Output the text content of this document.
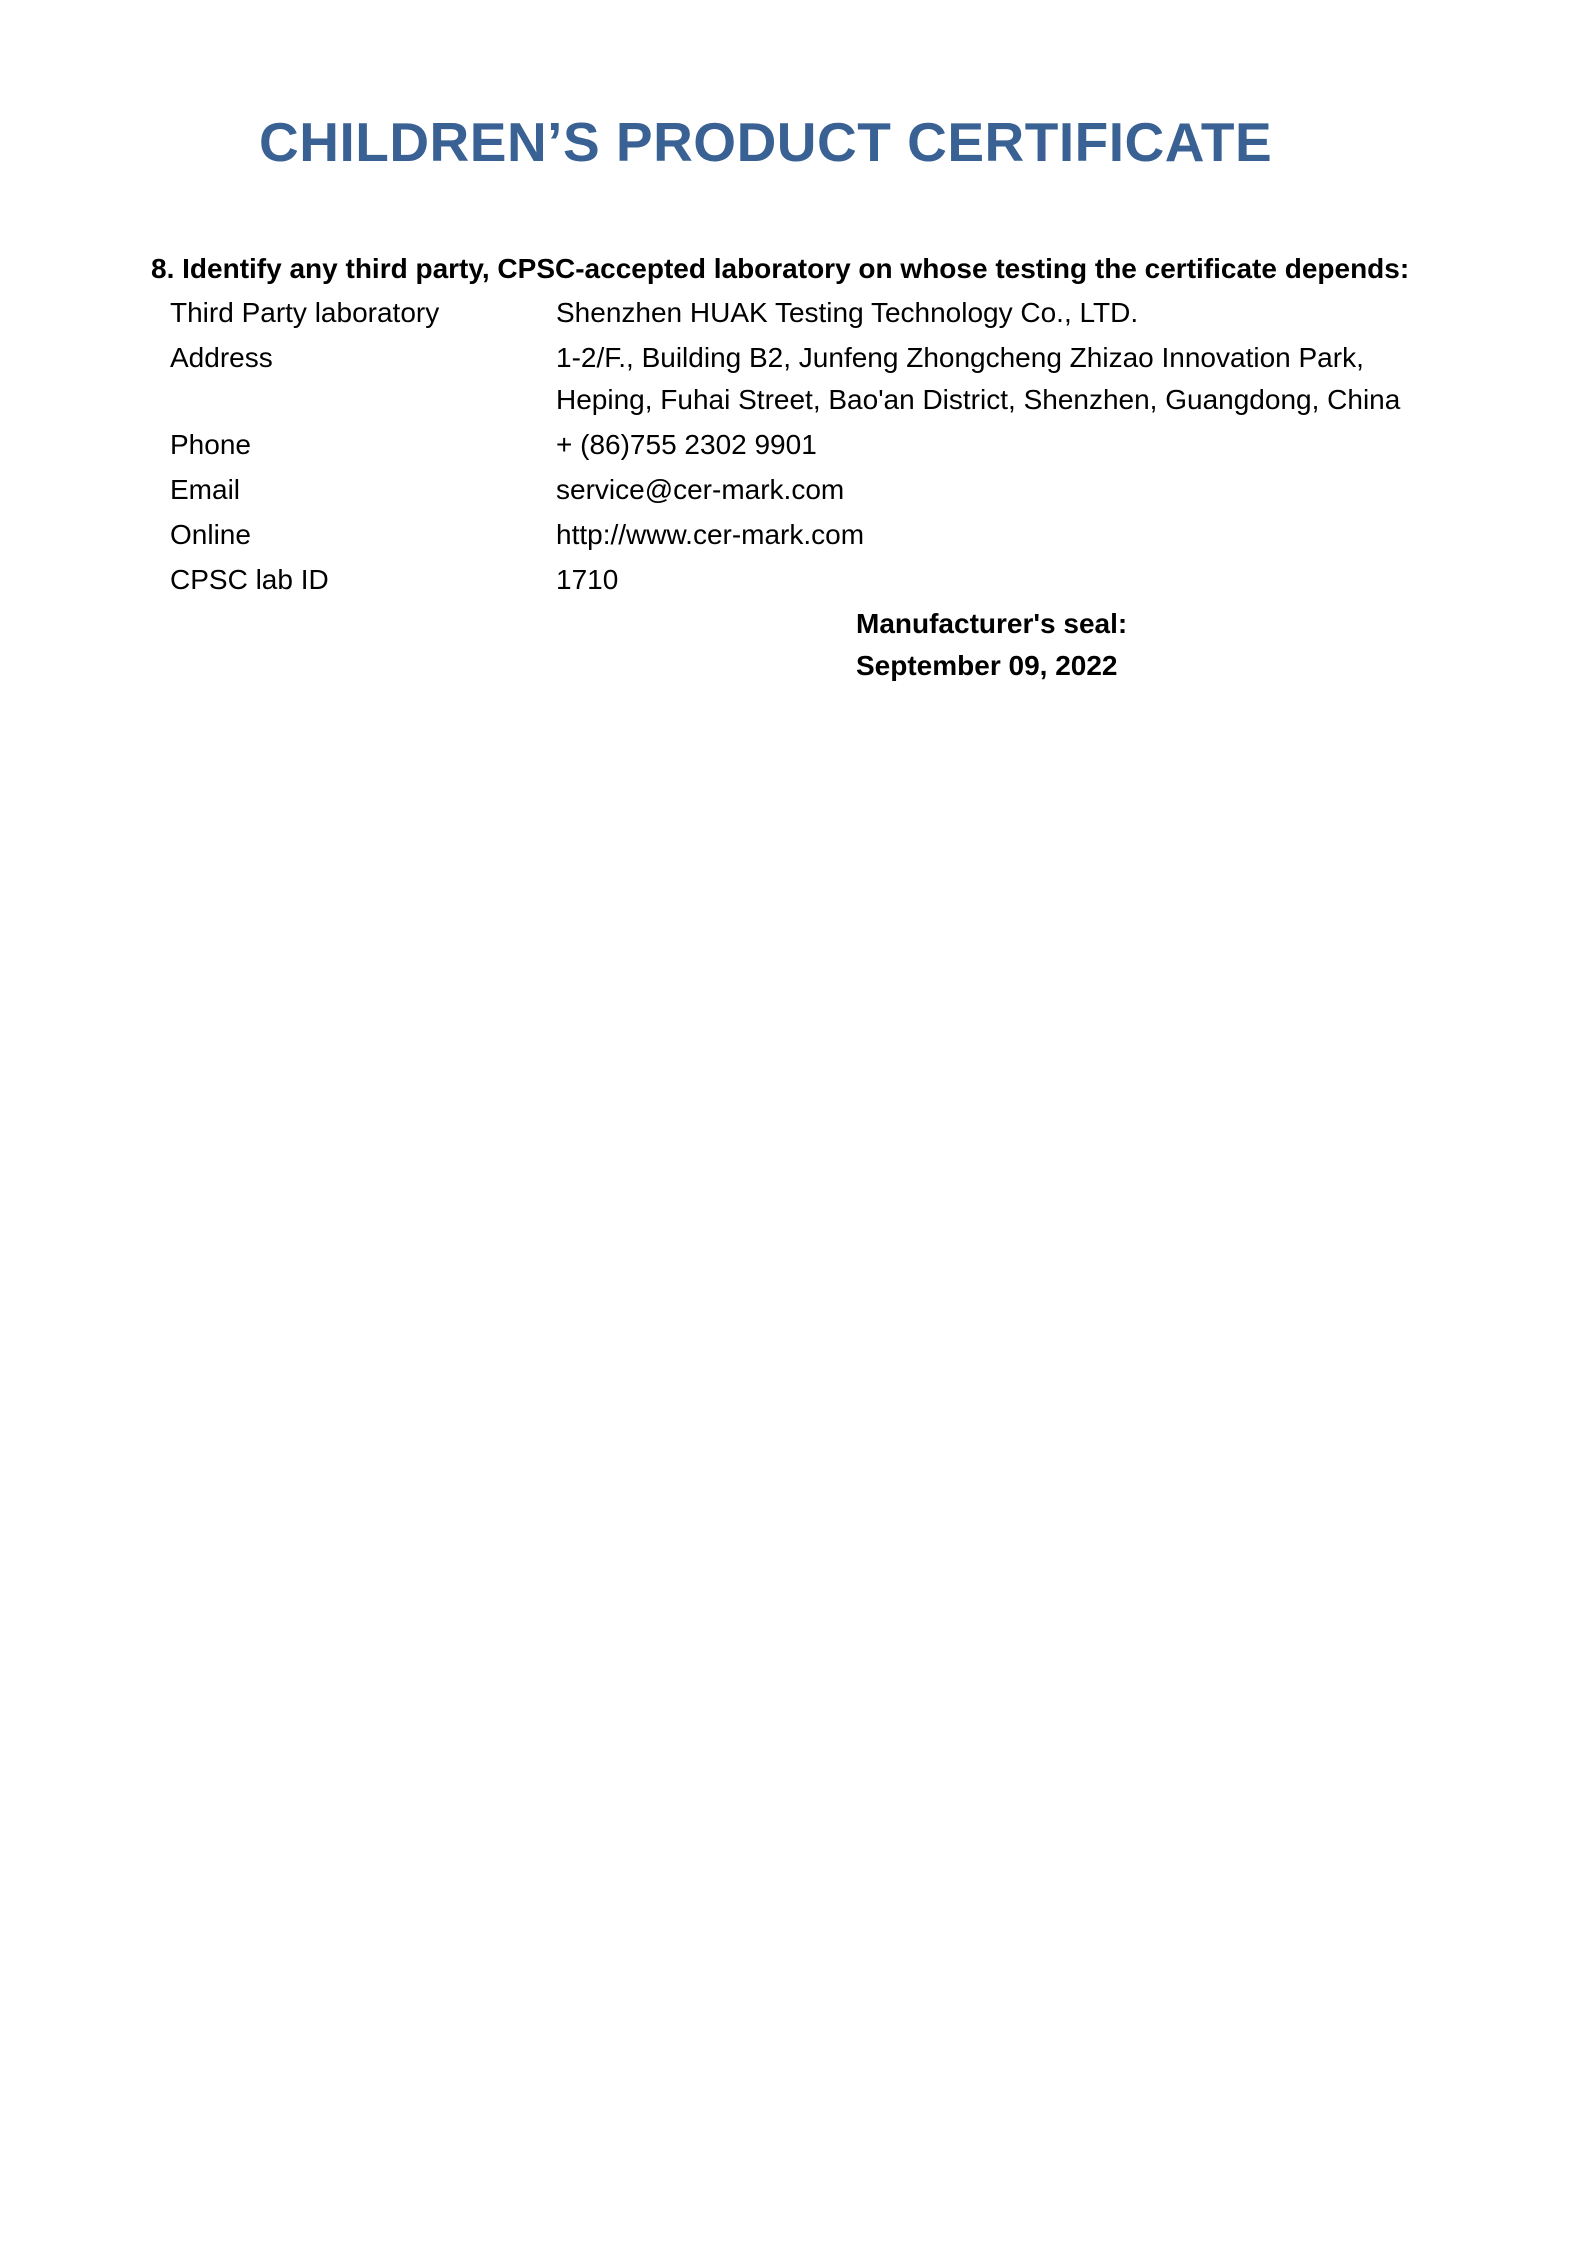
CHILDREN’S PRODUCT CERTIFICATE

8. Identify any third party, CPSC-accepted laboratory on whose testing the certificate depends:

Third Party laboratory	Shenzhen HUAK Testing Technology Co., LTD.
Address	1-2/F., Building B2, Junfeng Zhongcheng Zhizao Innovation Park,
Heping, Fuhai Street, Bao'an District, Shenzhen, Guangdong, China
Phone	+ (86)755 2302 9901
Email	service@cer-mark.com
Online	http://www.cer-mark.com
CPSC lab ID	1710
Manufacturer's seal:
September 09, 2022
